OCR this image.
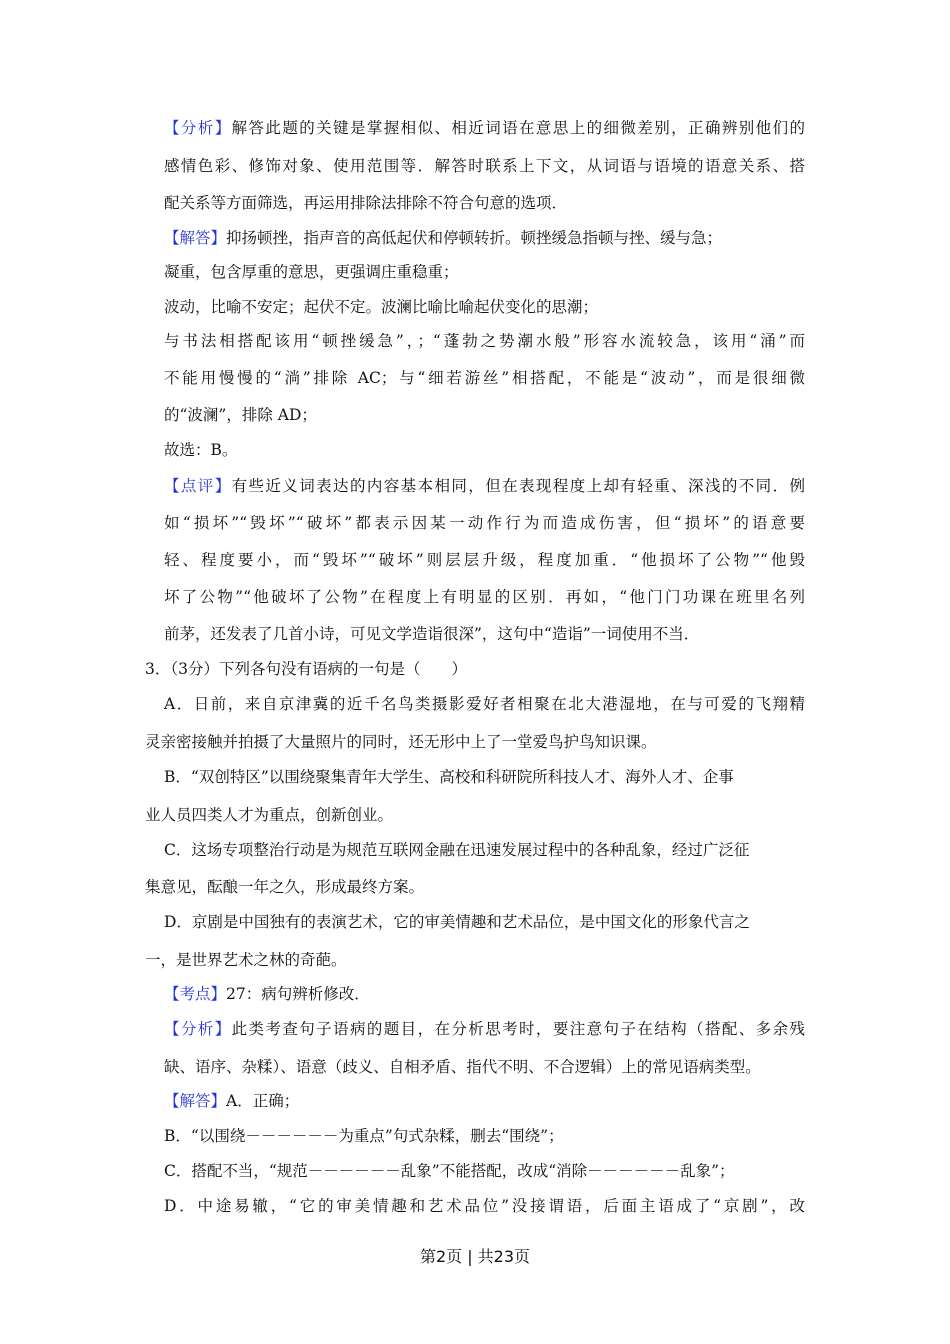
【分析】解答此题的关键是掌握相似、相近词语在意思上的细微差别，正确辨别他们的
感情色彩、修饰对象、使用范围等．解答时联系上下文，从词语与语境的语意关系、搭
配关系等方面筛选，再运用排除法排除不符合句意的选项．
【解答】抑扬顿挫，指声音的高低起伏和停顿转折。顿挫缓急指顿与挫、缓与急；
凝重，包含厚重的意思，更强调庄重稳重；
波动，比喻不安定；起伏不定。波澜比喻比喻起伏变化的思潮；
与书法相搭配该用“顿挫缓急”，；“蓬勃之势潮水般”形容水流较急，该用“涌”而
不能用慢慢的“淌”排除 AC；与“细若游丝”相搭配，不能是“波动”，而是很细微
的“波澜”，排除 AD；
故选：B。
【点评】有些近义词表达的内容基本相同，但在表现程度上却有轻重、深浅的不同．例
如“损坏”“毁坏”“破坏”都表示因某一动作行为而造成伤害，但“损坏”的语意要
轻、程度要小，而“毁坏”“破坏”则层层升级，程度加重．“他损坏了公物”“他毁
坏了公物”“他破坏了公物”在程度上有明显的区别．再如，“他门门功课在班里名列
前茅，还发表了几首小诗，可见文学造诣很深”，这句中“造诣”一词使用不当．
3．（3分）下列各句没有语病的一句是（　　）
A．日前，来自京津冀的近千名鸟类摄影爱好者相聚在北大港湿地，在与可爱的飞翔精
灵亲密接触并拍摄了大量照片的同时，还无形中上了一堂爱鸟护鸟知识课。
B．“双创特区”以围绕聚集青年大学生、高校和科研院所科技人才、海外人才、企事
业人员四类人才为重点，创新创业。
C．这场专项整治行动是为规范互联网金融在迅速发展过程中的各种乱象，经过广泛征
集意见，酝酿一年之久，形成最终方案。
D．京剧是中国独有的表演艺术，它的审美情趣和艺术品位，是中国文化的形象代言之
一，是世界艺术之林的奇葩。
【考点】27：病句辨析修改．
【分析】此类考查句子语病的题目，在分析思考时，要注意句子在结构（搭配、多余残
缺、语序、杂糅）、语意（歧义、自相矛盾、指代不明、不合逻辑）上的常见语病类型。
【解答】A．正确；
B．“以围绕－－－－－－为重点”句式杂糅，删去“围绕”；
C．搭配不当，“规范－－－－－－乱象”不能搭配，改成“消除－－－－－－乱象”；
D．中途易辙，“它的审美情趣和艺术品位”没接谓语，后面主语成了“京剧”，改
第2页 | 共23页
